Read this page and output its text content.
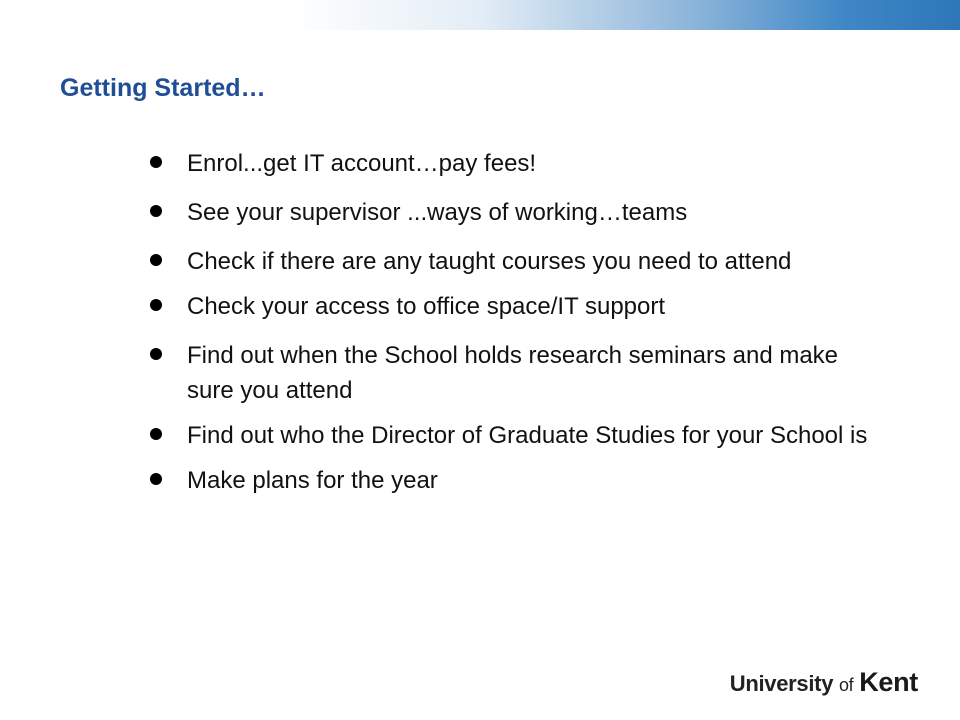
Getting Started…
Enrol...get IT account…pay fees!
See your supervisor ...ways of working…teams
Check if there are any taught courses you need to attend
Check your access to office space/IT support
Find out when the School holds research seminars and make sure you attend
Find out who the Director of Graduate Studies for your School is
Make plans for the year
University of Kent
